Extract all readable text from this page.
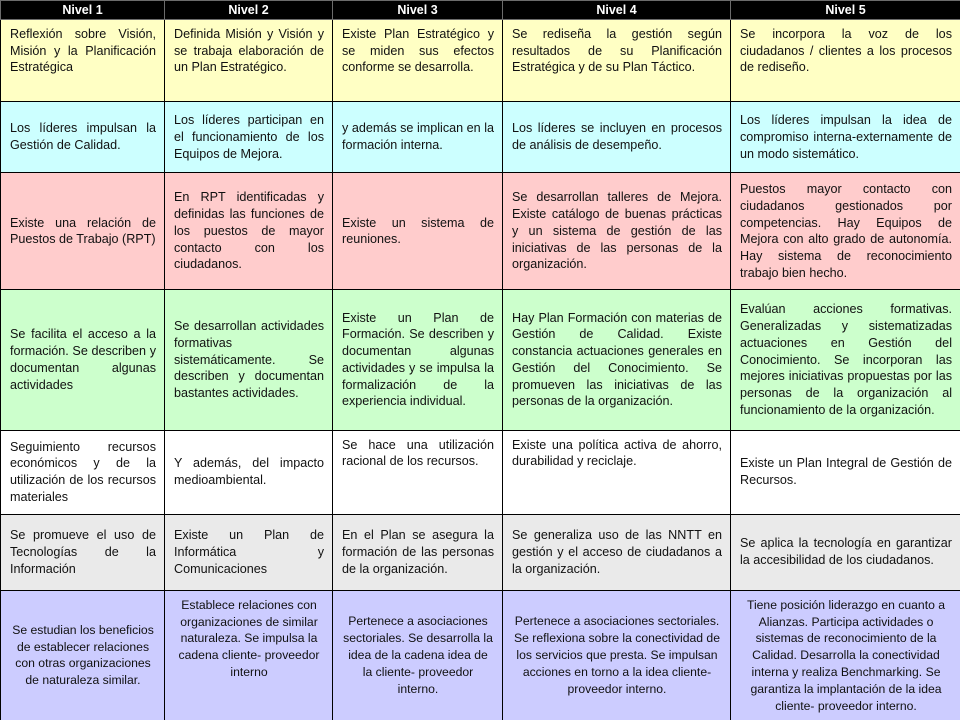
Nivel 1	Nivel 2	Nivel 3	Nivel 4	Nivel 5
Reflexión sobre Visión, Misión y la Planificación Estratégica	Definida Misión y Visión y se trabaja elaboración de un Plan Estratégico.	Existe Plan Estratégico y se miden sus efectos conforme se desarrolla.	Se rediseña la gestión según resultados de su Planificación Estratégica y de su Plan Táctico.	Se incorpora la voz de los ciudadanos / clientes a los procesos de rediseño.
Los líderes impulsan la Gestión de Calidad.	Los líderes participan en el funcionamiento de los Equipos de Mejora.	y además se implican en la formación interna.	Los líderes se incluyen en procesos de análisis de desempeño.	Los líderes impulsan la idea de compromiso interna-externamente de un modo sistemático.
Existe una relación de Puestos de Trabajo (RPT)	En RPT identificadas y definidas las funciones de los puestos de mayor contacto con los ciudadanos.	Existe un sistema de reuniones.	Se desarrollan talleres de Mejora. Existe catálogo de buenas prácticas y un sistema de gestión de las iniciativas de las personas de la organización.	Puestos mayor contacto con ciudadanos gestionados por competencias. Hay Equipos de Mejora con alto grado de autonomía. Hay sistema de reconocimiento trabajo bien hecho.
Se facilita el acceso a la formación. Se describen y documentan algunas actividades	Se desarrollan actividades formativas sistemáticamente. Se describen y documentan bastantes actividades.	Existe un Plan de Formación. Se describen y documentan algunas actividades y se impulsa la formalización de la experiencia individual.	Hay Plan Formación con materias de Gestión de Calidad. Existe constancia actuaciones generales en Gestión del Conocimiento. Se promueven las iniciativas de las personas de la organización.	Evalúan acciones formativas. Generalizadas y sistematizadas actuaciones en Gestión del Conocimiento. Se incorporan las mejores iniciativas propuestas por las personas de la organización al funcionamiento de la organización.
Seguimiento recursos económicos y de la utilización de los recursos materiales	Y además, del impacto medioambiental.	Se hace una utilización racional de los recursos.	Existe una política activa de ahorro, durabilidad y reciclaje.	Existe un Plan Integral de Gestión de Recursos.
Se promueve el uso de Tecnologías de la Información	Existe un Plan de Informática y Comunicaciones	En el Plan se asegura la formación de las personas de la organización.	Se generaliza uso de las NNTT en gestión y el acceso de ciudadanos a la organización.	Se aplica la tecnología en garantizar la accesibilidad de los ciudadanos.
Se estudian los beneficios de establecer relaciones con otras organizaciones de naturaleza similar.	Establece relaciones con organizaciones de similar naturaleza. Se impulsa la cadena cliente- proveedor interno	Pertenece a asociaciones sectoriales. Se desarrolla la idea de la cadena idea de la cliente- proveedor interno.	Pertenece a asociaciones sectoriales. Se reflexiona sobre la conectividad de los servicios que presta. Se impulsan acciones en torno a la idea cliente- proveedor interno.	Tiene posición liderazgo en cuanto a Alianzas. Participa actividades o sistemas de reconocimiento de la Calidad. Desarrolla la conectividad interna y realiza Benchmarking. Se garantiza la implantación de la idea cliente- proveedor interno.
